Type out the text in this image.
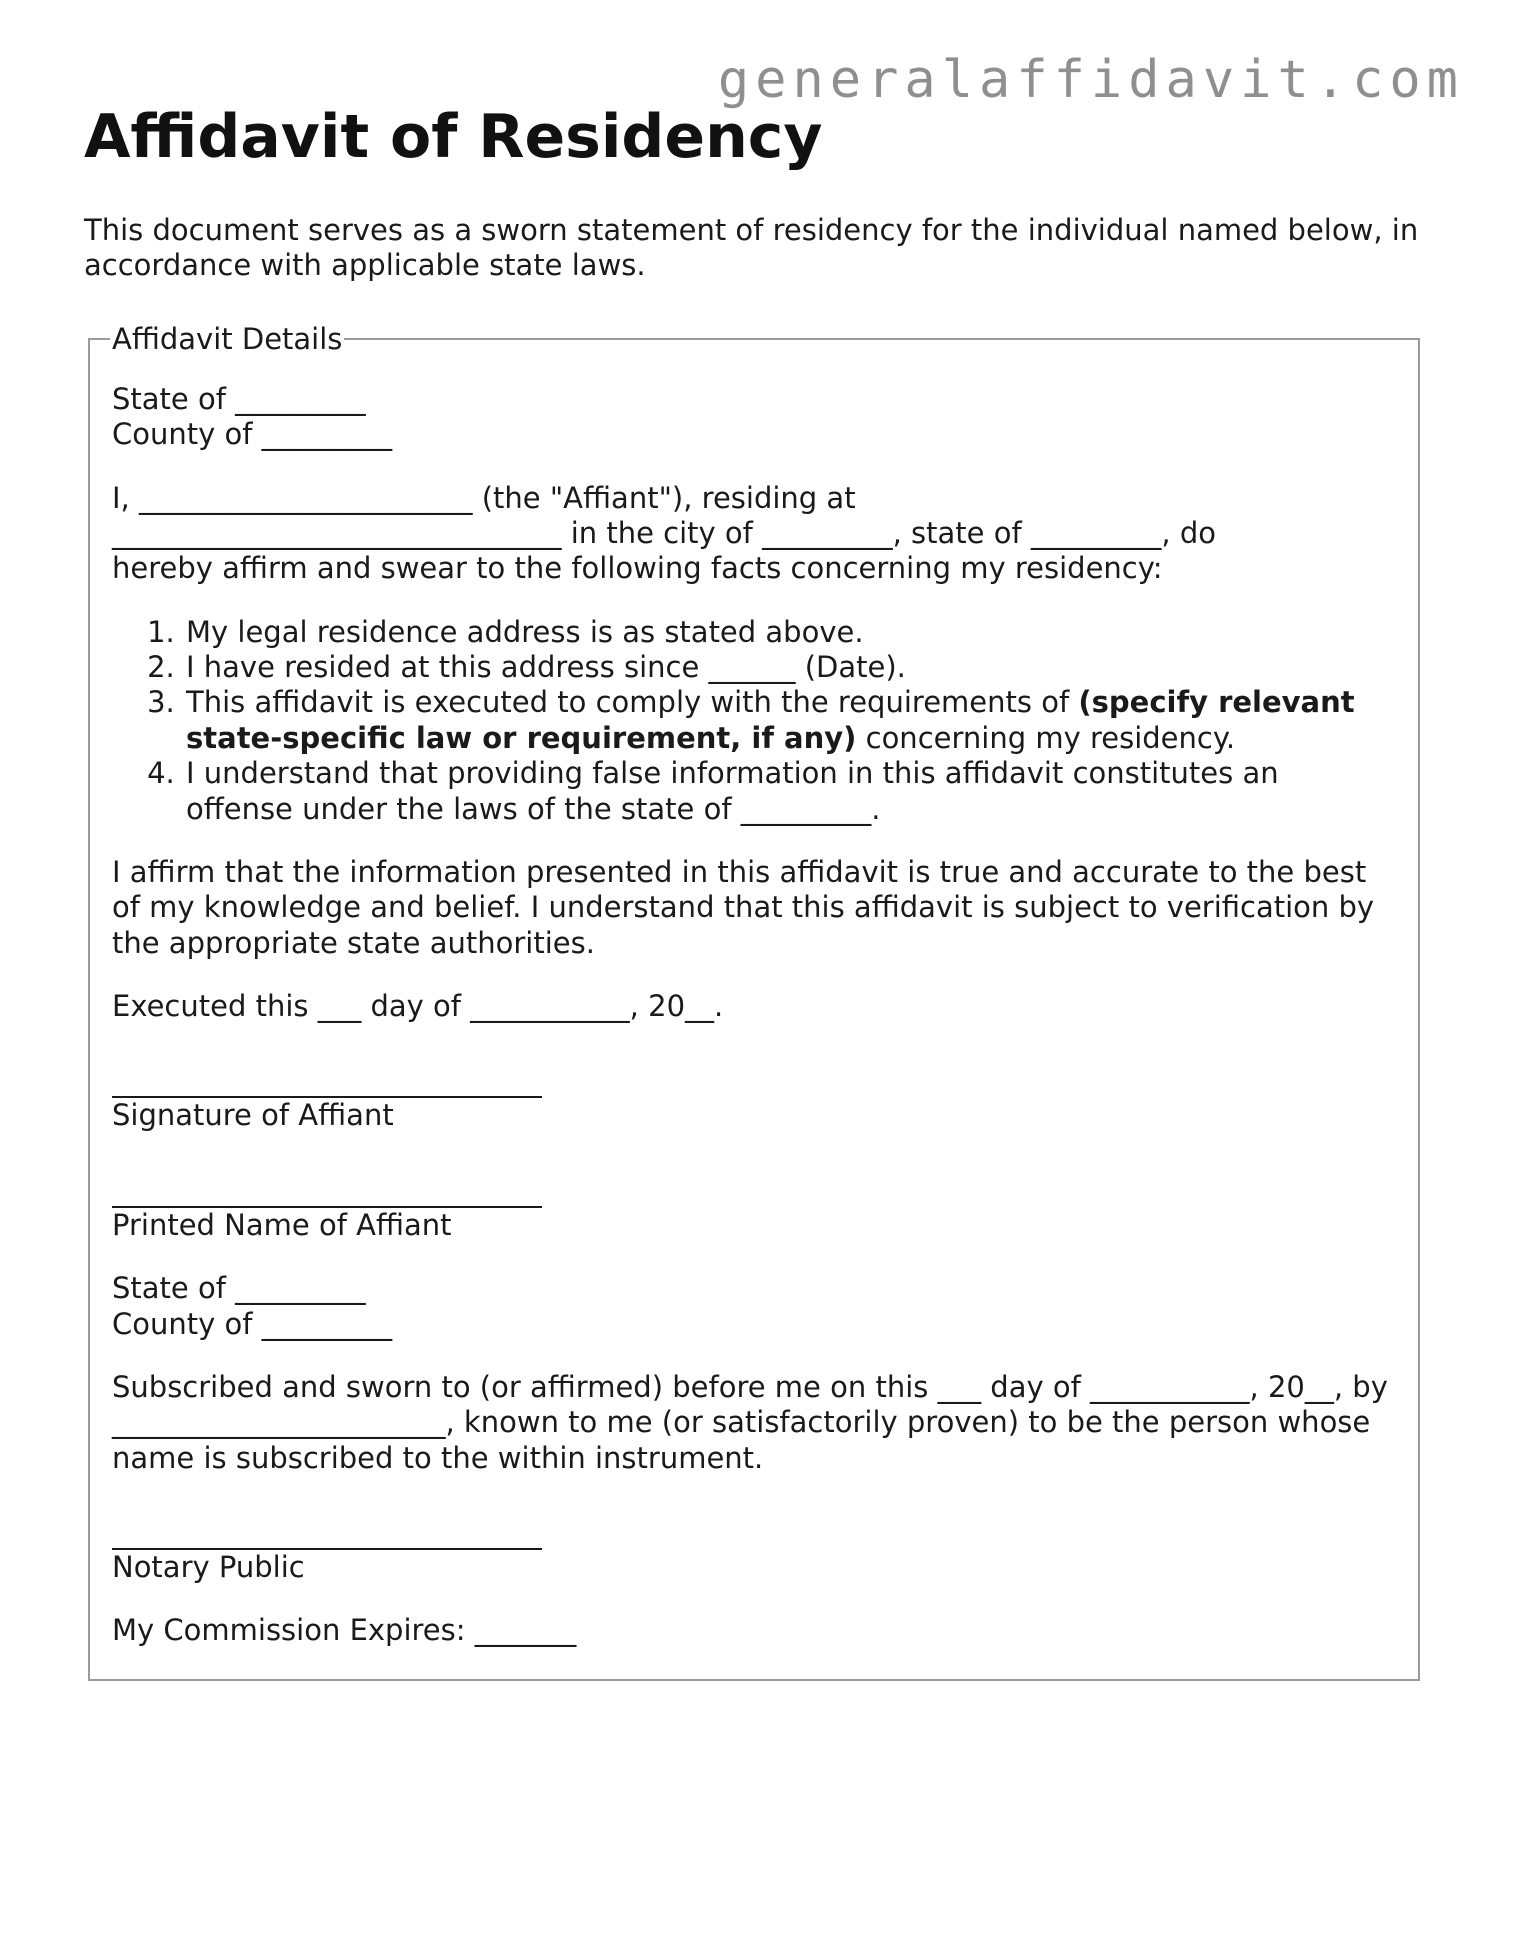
generalaffidavit.com
Affidavit of Residency

This document serves as a sworn statement of residency for the individual named below, in accordance with applicable state laws.

Affidavit Details

State of _________
County of _________

I, _______________________ (the "Affiant"), residing at
_______________________________ in the city of _________, state of _________, do
hereby affirm and swear to the following facts concerning my residency:

1. My legal residence address is as stated above.
2. I have resided at this address since ______ (Date).
3. This affidavit is executed to comply with the requirements of (specify relevant state-specific law or requirement, if any) concerning my residency.
4. I understand that providing false information in this affidavit constitutes an offense under the laws of the state of _________.

I affirm that the information presented in this affidavit is true and accurate to the best of my knowledge and belief. I understand that this affidavit is subject to verification by the appropriate state authorities.

Executed this ___ day of ___________, 20__.

Signature of Affiant
Printed Name of Affiant

State of _________
County of _________

Subscribed and sworn to (or affirmed) before me on this ___ day of ___________, 20__, by _______________________, known to me (or satisfactorily proven) to be the person whose name is subscribed to the within instrument.

Notary Public

My Commission Expires: _______
